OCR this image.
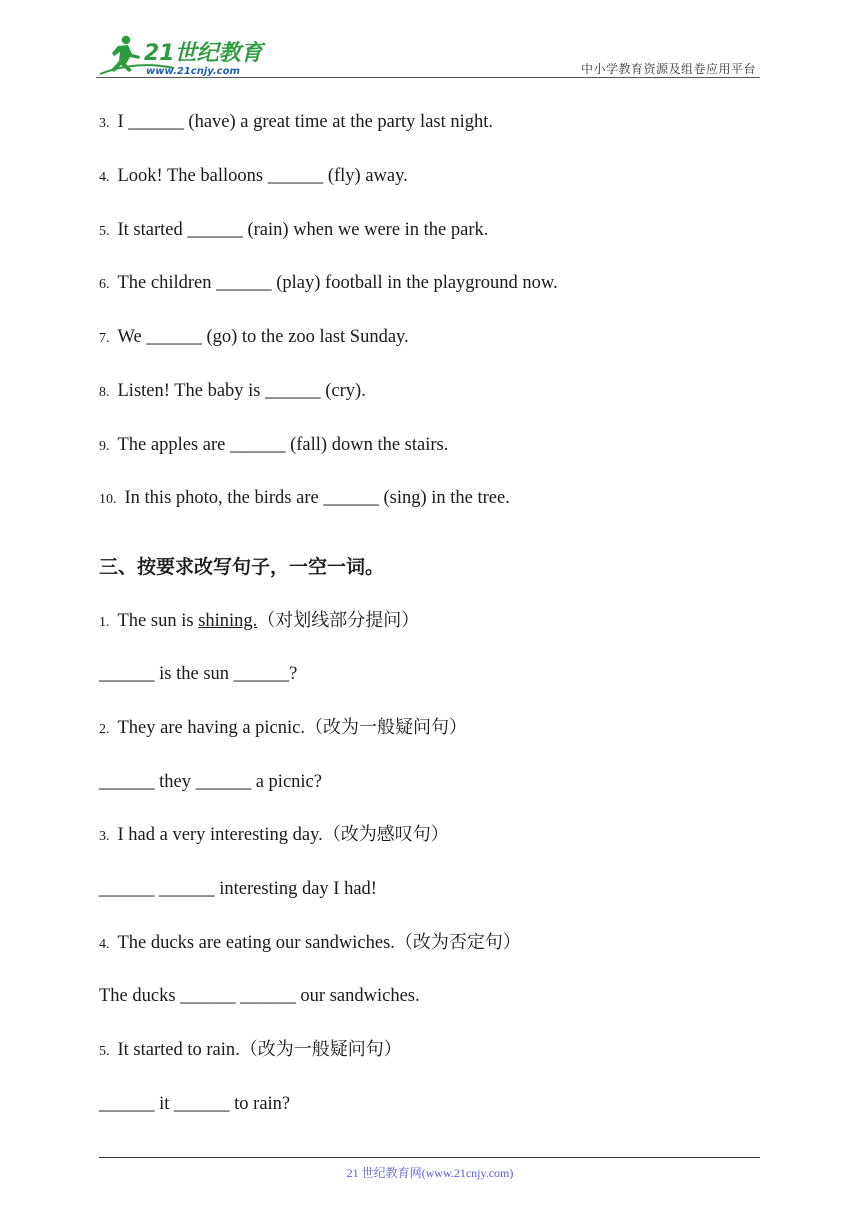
21世纪教育
www.21cnjy.com	中小学教育资源及组卷应用平台
3. I ______ (have) a great time at the party last night.
4. Look! The balloons ______ (fly) away.
5. It started ______ (rain) when we were in the park.
6. The children ______ (play) football in the playground now.
7. We ______ (go) to the zoo last Sunday.
8. Listen! The baby is ______ (cry).
9. The apples are ______ (fall) down the stairs.
10. In this photo, the birds are ______ (sing) in the tree.
三、按要求改写句子，一空一词。
1. The sun is shining.（对划线部分提问）
______ is the sun ______?
2. They are having a picnic.（改为一般疑问句）
______ they ______ a picnic?
3. I had a very interesting day.（改为感叹句）
______ ______ interesting day I had!
4. The ducks are eating our sandwiches.（改为否定句）
The ducks ______ ______ our sandwiches.
5. It started to rain.（改为一般疑问句）
______ it ______ to rain?
21 世纪教育网(www.21cnjy.com)
